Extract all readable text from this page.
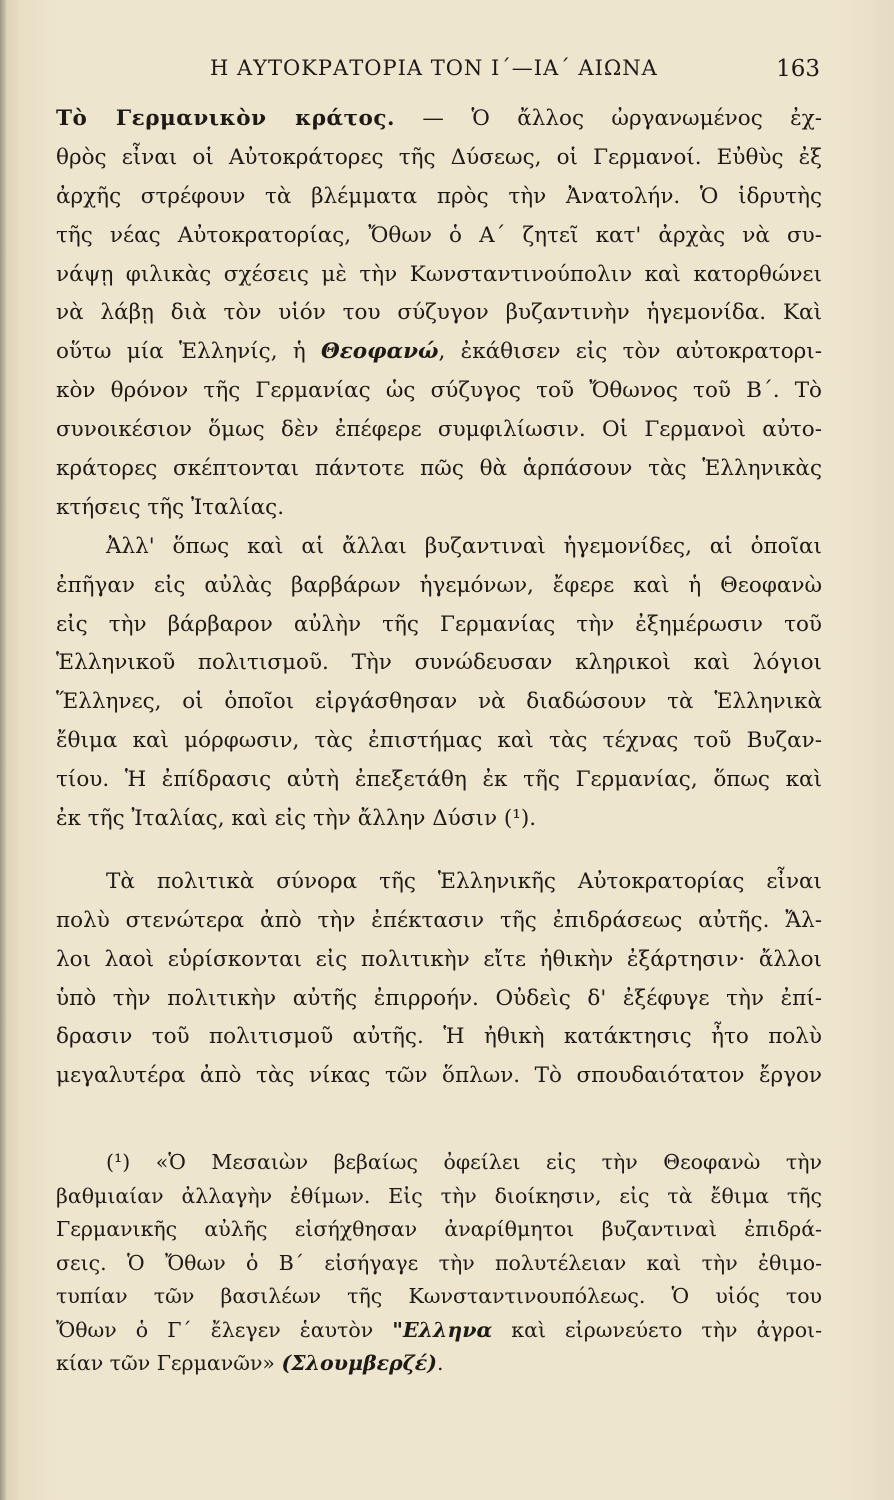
Η ΑΥΤΟΚΡΑΤΟΡΙΑ ΤΟΝ Ι΄—ΙΑ΄ ΑΙΩΝΑ	163
Τὸ Γερμανικὸν κράτος. — Ὁ ἄλλος ὠργανωμένος ἐχ-
θρὸς εἶναι οἱ Αὐτοκράτορες τῆς Δύσεως, οἱ Γερμανοί. Εὐθὺς ἐξ
ἀρχῆς στρέφουν τὰ βλέμματα πρὸς τὴν Ἀνατολήν. Ὁ ἱδρυτὴς
τῆς νέας Αὐτοκρατορίας, Ὄθων ὁ Α΄ ζητεῖ κατ' ἀρχὰς νὰ συ-
νάψῃ φιλικὰς σχέσεις μὲ τὴν Κωνσταντινούπολιν καὶ κατορθώνει
νὰ λάβῃ διὰ τὸν υἱόν του σύζυγον βυζαντινὴν ἡγεμονίδα. Καὶ
οὕτω μία Ἑλληνίς, ἡ Θεοφανώ, ἐκάθισεν εἰς τὸν αὐτοκρατορι-
κὸν θρόνον τῆς Γερμανίας ὡς σύζυγος τοῦ Ὄθωνος τοῦ Β΄. Τὸ
συνοικέσιον ὅμως δὲν ἐπέφερε συμφιλίωσιν. Οἱ Γερμανοὶ αὐτο-
κράτορες σκέπτονται πάντοτε πῶς θὰ ἁρπάσουν τὰς Ἑλληνικὰς
κτήσεις τῆς Ἰταλίας.
Ἀλλ' ὅπως καὶ αἱ ἄλλαι βυζαντιναὶ ἡγεμονίδες, αἱ ὁποῖαι
ἐπῆγαν εἰς αὐλὰς βαρβάρων ἡγεμόνων, ἔφερε καὶ ἡ Θεοφανὼ
εἰς τὴν βάρβαρον αὐλὴν τῆς Γερμανίας τὴν ἐξημέρωσιν τοῦ
Ἑλληνικοῦ πολιτισμοῦ. Τὴν συνώδευσαν κληρικοὶ καὶ λόγιοι
Ἕλληνες, οἱ ὁποῖοι εἰργάσθησαν νὰ διαδώσουν τὰ Ἑλληνικὰ
ἔθιμα καὶ μόρφωσιν, τὰς ἐπιστήμας καὶ τὰς τέχνας τοῦ Βυζαν-
τίου. Ἡ ἐπίδρασις αὐτὴ ἐπεξετάθη ἐκ τῆς Γερμανίας, ὅπως καὶ
ἐκ τῆς Ἰταλίας, καὶ εἰς τὴν ἄλλην Δύσιν (¹).
Τὰ πολιτικὰ σύνορα τῆς Ἑλληνικῆς Αὐτοκρατορίας εἶναι
πολὺ στενώτερα ἀπὸ τὴν ἐπέκτασιν τῆς ἐπιδράσεως αὐτῆς. Ἄλ-
λοι λαοὶ εὑρίσκονται εἰς πολιτικὴν εἴτε ἠθικὴν ἐξάρτησιν· ἄλλοι
ὑπὸ τὴν πολιτικὴν αὐτῆς ἐπιρροήν. Οὐδεὶς δ' ἐξέφυγε τὴν ἐπί-
δρασιν τοῦ πολιτισμοῦ αὐτῆς. Ἡ ἠθικὴ κατάκτησις ἦτο πολὺ
μεγαλυτέρα ἀπὸ τὰς νίκας τῶν ὅπλων. Τὸ σπουδαιότατον ἔργον
(¹) «Ὁ Μεσαιὼν βεβαίως ὀφείλει εἰς τὴν Θεοφανὼ τὴν
βαθμιαίαν ἀλλαγὴν ἐθίμων. Εἰς τὴν διοίκησιν, εἰς τὰ ἔθιμα τῆς
Γερμανικῆς αὐλῆς εἰσήχθησαν ἀναρίθμητοι βυζαντιναὶ ἐπιδρά-
σεις. Ὁ Ὄθων ὁ Β΄ εἰσήγαγε τὴν πολυτέλειαν καὶ τὴν ἐθιμο-
τυπίαν τῶν βασιλέων τῆς Κωνσταντινουπόλεως. Ὁ υἱός του
Ὄθων ὁ Γ΄ ἔλεγεν ἑαυτὸν "Ελληνα καὶ εἰρωνεύετο τὴν ἀγροι-
κίαν τῶν Γερμανῶν» (Σλουμβερζέ).
